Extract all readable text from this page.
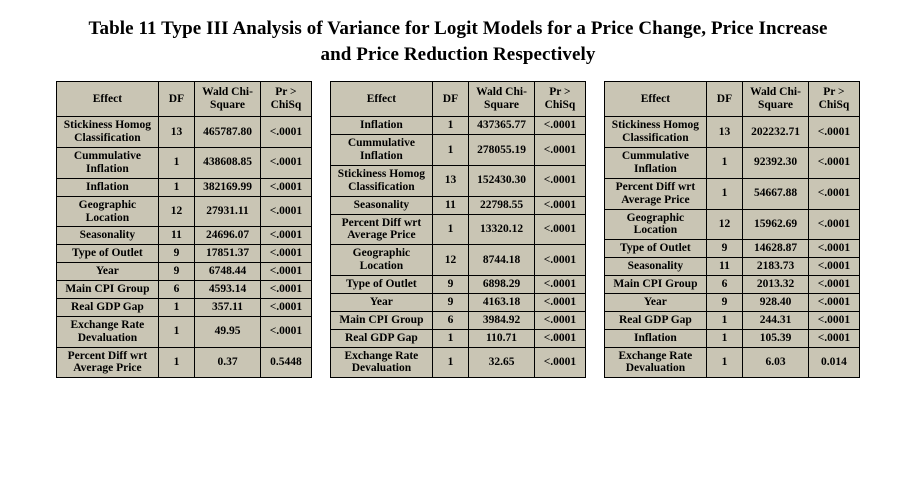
Table 11 Type III Analysis of Variance for Logit Models for a Price Change, Price Increase and Price Reduction Respectively
Effect	DF	Wald Chi-Square	Pr > ChiSq
Stickiness Homog Classification	13	465787.80	<.0001
Cummulative Inflation	1	438608.85	<.0001
Inflation	1	382169.99	<.0001
Geographic Location	12	27931.11	<.0001
Seasonality	11	24696.07	<.0001
Type of Outlet	9	17851.37	<.0001
Year	9	6748.44	<.0001
Main CPI Group	6	4593.14	<.0001
Real GDP Gap	1	357.11	<.0001
Exchange Rate Devaluation	1	49.95	<.0001
Percent Diff wrt Average Price	1	0.37	0.5448
Effect	DF	Wald Chi-Square	Pr > ChiSq
Inflation	1	437365.77	<.0001
Cummulative Inflation	1	278055.19	<.0001
Stickiness Homog Classification	13	152430.30	<.0001
Seasonality	11	22798.55	<.0001
Percent Diff wrt Average Price	1	13320.12	<.0001
Geographic Location	12	8744.18	<.0001
Type of Outlet	9	6898.29	<.0001
Year	9	4163.18	<.0001
Main CPI Group	6	3984.92	<.0001
Real GDP Gap	1	110.71	<.0001
Exchange Rate Devaluation	1	32.65	<.0001
Effect	DF	Wald Chi-Square	Pr > ChiSq
Stickiness Homog Classification	13	202232.71	<.0001
Cummulative Inflation	1	92392.30	<.0001
Percent Diff wrt Average Price	1	54667.88	<.0001
Geographic Location	12	15962.69	<.0001
Type of Outlet	9	14628.87	<.0001
Seasonality	11	2183.73	<.0001
Main CPI Group	6	2013.32	<.0001
Year	9	928.40	<.0001
Real GDP Gap	1	244.31	<.0001
Inflation	1	105.39	<.0001
Exchange Rate Devaluation	1	6.03	0.014
